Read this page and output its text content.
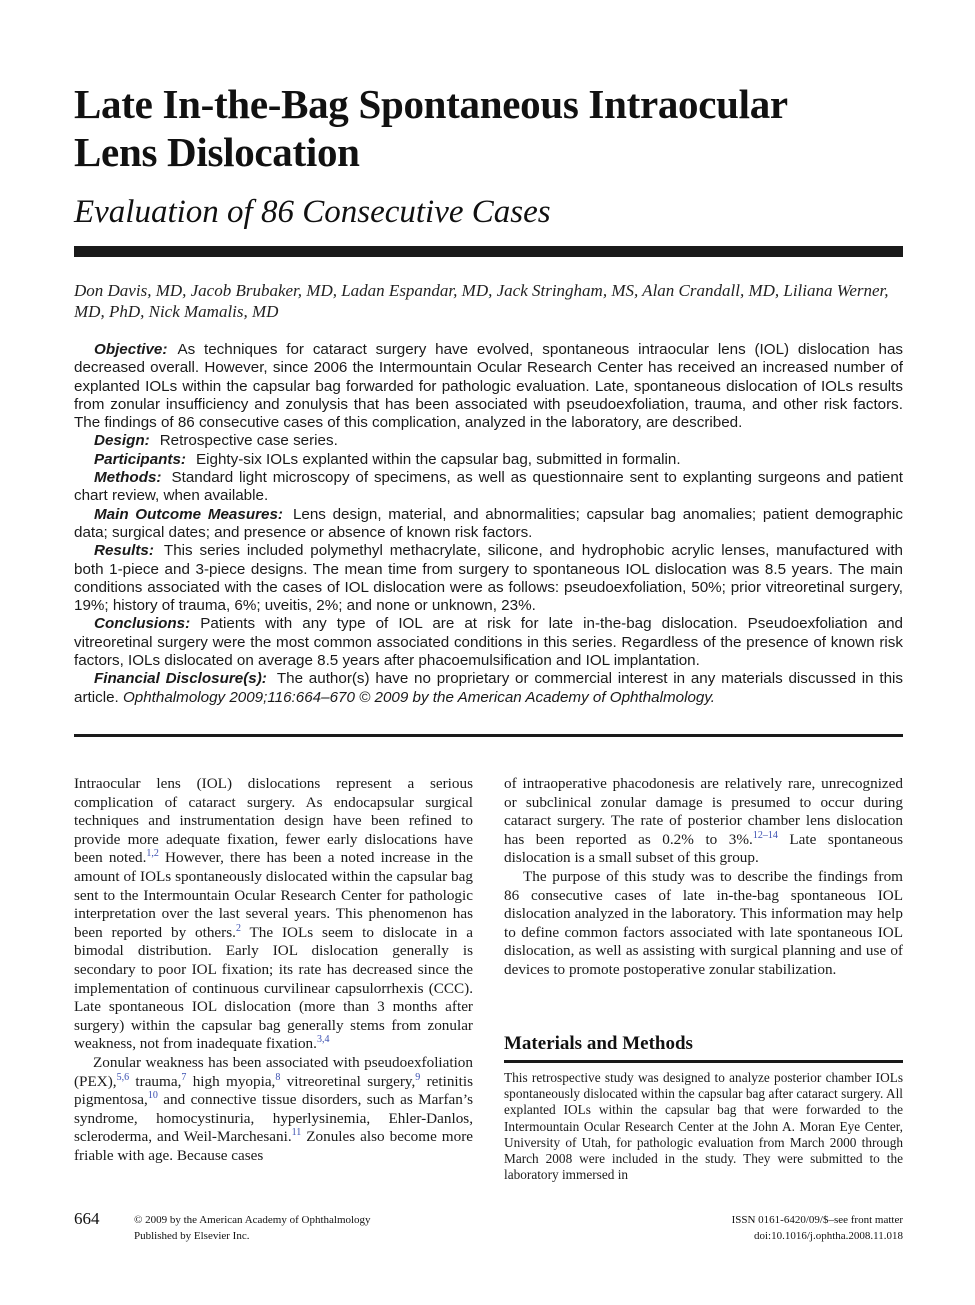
Late In-the-Bag Spontaneous Intraocular
Lens Dislocation
Evaluation of 86 Consecutive Cases
Don Davis, MD, Jacob Brubaker, MD, Ladan Espandar, MD, Jack Stringham, MS, Alan Crandall, MD, Liliana Werner, MD, PhD, Nick Mamalis, MD

Objective: As techniques for cataract surgery have evolved, spontaneous intraocular lens (IOL) dislocation has decreased overall. However, since 2006 the Intermountain Ocular Research Center has received an increased number of explanted IOLs within the capsular bag forwarded for pathologic evaluation. Late, spontaneous dislocation of IOLs results from zonular insufficiency and zonulysis that has been associated with pseudoexfoliation, trauma, and other risk factors. The findings of 86 consecutive cases of this complication, analyzed in the laboratory, are described.

Design: Retrospective case series.

Participants: Eighty-six IOLs explanted within the capsular bag, submitted in formalin.

Methods: Standard light microscopy of specimens, as well as questionnaire sent to explanting surgeons and patient chart review, when available.

Main Outcome Measures: Lens design, material, and abnormalities; capsular bag anomalies; patient demographic data; surgical dates; and presence or absence of known risk factors.

Results: This series included polymethyl methacrylate, silicone, and hydrophobic acrylic lenses, manufactured with both 1-piece and 3-piece designs. The mean time from surgery to spontaneous IOL dislocation was 8.5 years. The main conditions associated with the cases of IOL dislocation were as follows: pseudoexfoliation, 50%; prior vitreoretinal surgery, 19%; history of trauma, 6%; uveitis, 2%; and none or unknown, 23%.

Conclusions: Patients with any type of IOL are at risk for late in-the-bag dislocation. Pseudoexfoliation and vitreoretinal surgery were the most common associated conditions in this series. Regardless of the presence of known risk factors, IOLs dislocated on average 8.5 years after phacoemulsification and IOL implantation.

Financial Disclosure(s): The author(s) have no proprietary or commercial interest in any materials discussed in this article. Ophthalmology 2009;116:664–670 © 2009 by the American Academy of Ophthalmology.

Intraocular lens (IOL) dislocations represent a serious complication of cataract surgery. As endocapsular surgical techniques and instrumentation design have been refined to provide more adequate fixation, fewer early dislocations have been noted.$^{1,2}$ However, there has been a noted increase in the amount of IOLs spontaneously dislocated within the capsular bag sent to the Intermountain Ocular Research Center for pathologic interpretation over the last several years. This phenomenon has been reported by others.$^2$ The IOLs seem to dislocate in a bimodal distribution. Early IOL dislocation generally is secondary to poor IOL fixation; its rate has decreased since the implementation of continuous curvilinear capsulorrhexis (CCC). Late spontaneous IOL dislocation (more than 3 months after surgery) within the capsular bag generally stems from zonular weakness, not from inadequate fixation.$^{3,4}$

Zonular weakness has been associated with pseudoexfoliation (PEX),$^{5,6}$ trauma,$^7$ high myopia,$^8$ vitreoretinal surgery,$^9$ retinitis pigmentosa,$^{10}$ and connective tissue disorders, such as Marfan’s syndrome, homocystinuria, hyperlysinemia, Ehler-Danlos, scleroderma, and Weil-Marchesani.$^{11}$ Zonules also become more friable with age. Because cases

of intraoperative phacodonesis are relatively rare, unrecognized or subclinical zonular damage is presumed to occur during cataract surgery. The rate of posterior chamber lens dislocation has been reported as 0.2% to 3%.$^{12-14}$ Late spontaneous dislocation is a small subset of this group.

The purpose of this study was to describe the findings from 86 consecutive cases of late in-the-bag spontaneous IOL dislocation analyzed in the laboratory. This information may help to define common factors associated with late spontaneous IOL dislocation, as well as assisting with surgical planning and use of devices to promote postoperative zonular stabilization.

Materials and Methods

This retrospective study was designed to analyze posterior chamber IOLs spontaneously dislocated within the capsular bag after cataract surgery. All explanted IOLs within the capsular bag that were forwarded to the Intermountain Ocular Research Center at the John A. Moran Eye Center, University of Utah, for pathologic evaluation from March 2000 through March 2008 were included in the study. They were submitted to the laboratory immersed in

664	© 2009 by the American Academy of Ophthalmology
Published by Elsevier Inc.
ISSN 0161-6420/09/$–see front matter
doi:10.1016/j.ophtha.2008.11.018
